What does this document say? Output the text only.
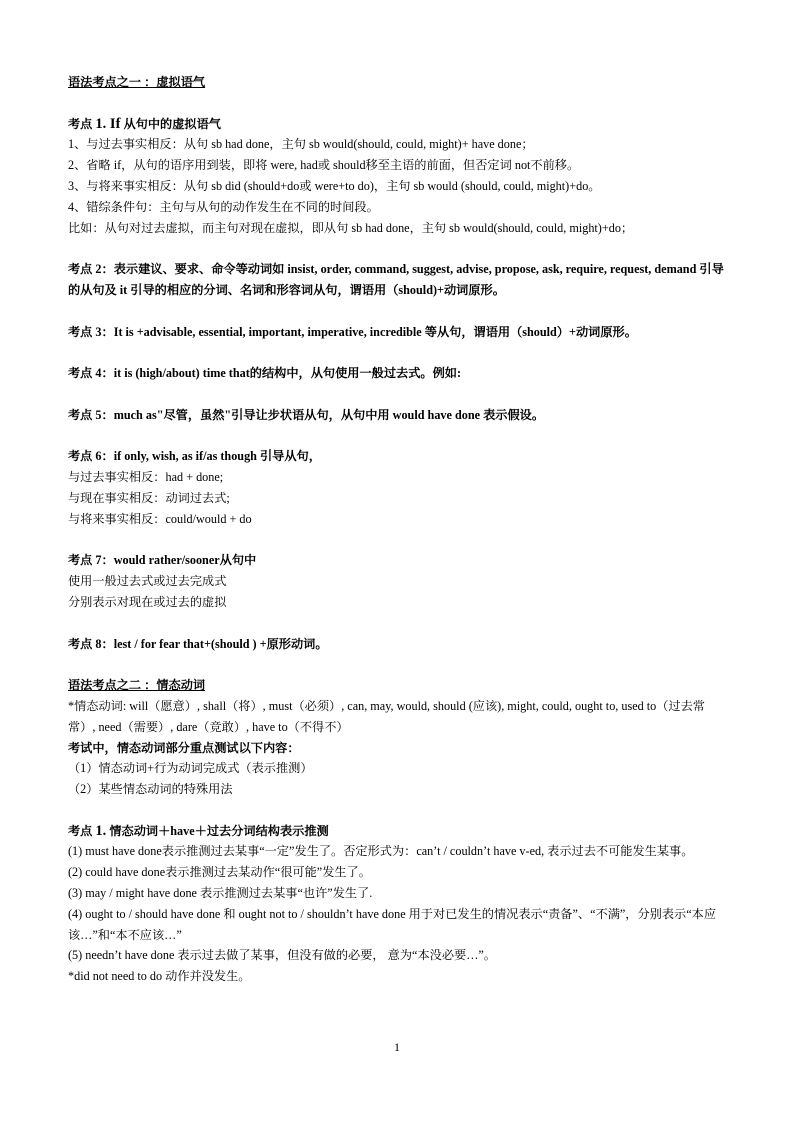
语法考点之一 ：虚拟语气
考点 1. If 从句中的虚拟语气
1、与过去事实相反：从句 sb had done，主句 sb would(should, could, might)+ have done；
2、省略 if，从句的语序用到装，即将 were, had或 should移至主语的前面，但否定词 not不前移。
3、与将来事实相反：从句 sb did (should+do或 were+to do)，主句 sb would (should, could, might)+do。
4、错综条件句：主句与从句的动作发生在不同的时间段。
比如：从句对过去虚拟，而主句对现在虚拟，即从句 sb had done，主句 sb would(should, could, might)+do；
考点 2：表示建议、要求、命令等动词如 insist, order, command, suggest, advise, propose, ask, require, request, demand 引导的从句及 it 引导的相应的分词、名词和形容词从句，谓语用（should)+动词原形。
考点 3：It is +advisable, essential, important, imperative, incredible 等从句，谓语用（should）+动词原形。
考点 4：it is (high/about) time that的结构中，从句使用一般过去式。例如:
考点 5：much as"尽管，虽然"引导让步状语从句，从句中用 would have done 表示假设。
考点 6：if only, wish, as if/as though 引导从句，
与过去事实相反：had + done;
与现在事实相反：动词过去式;
与将来事实相反：could/would + do
考点 7：would rather/sooner从句中
使用一般过去式或过去完成式
分别表示对现在或过去的虚拟
考点 8：lest / for fear that+(should ) +原形动词。
语法考点之二 ：情态动词
*情态动词: will（愿意）, shall（将）, must（必须）, can, may, would, should (应该), might, could, ought to, used to（过去常常）, need（需要）, dare（竞敢）, have to（不得不）
考试中，情态动词部分重点测试以下内容：
（1）情态动词+行为动词完成式（表示推测）
（2）某些情态动词的特殊用法
考点 1. 情态动词＋have＋过去分词结构表示推测
(1) must have done表示推测过去某事“一定”发生了。否定形式为：can’t / couldn’t have v-ed, 表示过去不可能发生某事。
(2) could have done表示推测过去某动作“很可能”发生了。
(3) may / might have done 表示推测过去某事“也许”发生了.
(4) ought to / should have done 和 ought not to / shouldn’t have done 用于对已发生的情况表示“责备”、“不满”，分别表示“本应该…”和“本不应该…”
(5) needn’t have done 表示过去做了某事，但没有做的必要， 意为“本没必要…”。
*did not need to do 动作并没发生。
1
